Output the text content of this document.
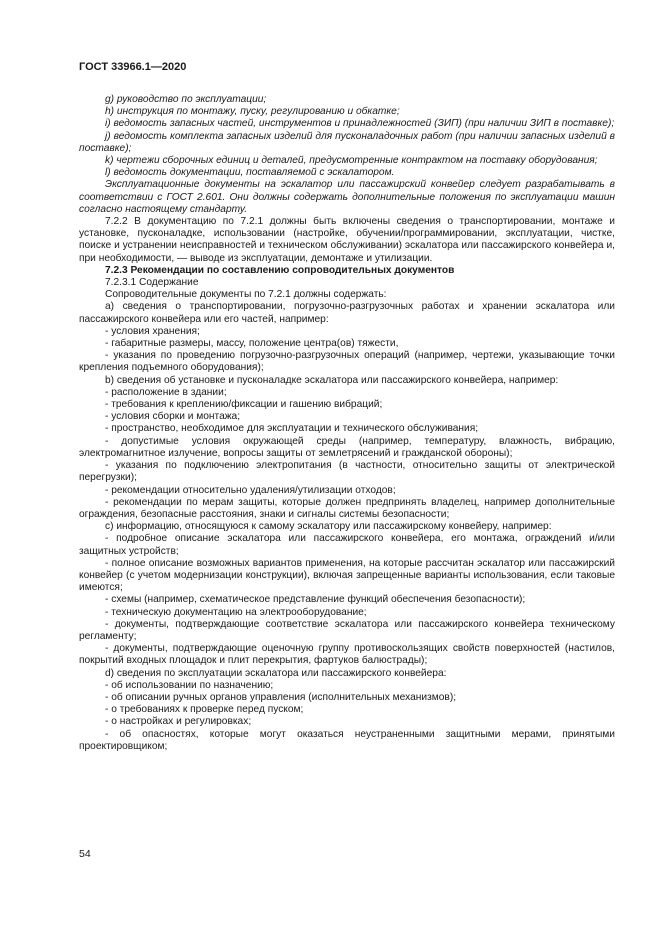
ГОСТ 33966.1—2020

g) руководство по эксплуатации;

h) инструкция по монтажу, пуску, регулированию и обкатке;

i) ведомость запасных частей, инструментов и принадлежностей (ЗИП) (при наличии ЗИП в поставке);

j) ведомость комплекта запасных изделий для пусконаладочных работ (при наличии запасных изделий в поставке);

k) чертежи сборочных единиц и деталей, предусмотренные контрактом на поставку оборудования;

l) ведомость документации, поставляемой с эскалатором.

Эксплуатационные документы на эскалатор или пассажирский конвейер следует разрабатывать в соответствии с ГОСТ 2.601. Они должны содержать дополнительные положения по эксплуатации машин согласно настоящему стандарту.

7.2.2 В документацию по 7.2.1 должны быть включены сведения о транспортировании, монтаже и установке, пусконаладке, использовании (настройке, обучении/программировании, эксплуатации, чистке, поиске и устранении неисправностей и техническом обслуживании) эскалатора или пассажирского конвейера и, при необходимости, — выводе из эксплуатации, демонтаже и утилизации.

7.2.3 Рекомендации по составлению сопроводительных документов

7.2.3.1 Содержание

Сопроводительные документы по 7.2.1 должны содержать:

a) сведения о транспортировании, погрузочно-разгрузочных работах и хранении эскалатора или пассажирского конвейера или его частей, например:

- условия хранения;

- габаритные размеры, массу, положение центра(ов) тяжести,

- указания по проведению погрузочно-разгрузочных операций (например, чертежи, указывающие точки крепления подъемного оборудования);

b) сведения об установке и пусконаладке эскалатора или пассажирского конвейера, например:

- расположение в здании;

- требования к креплению/фиксации и гашению вибраций;

- условия сборки и монтажа;

- пространство, необходимое для эксплуатации и технического обслуживания;

- допустимые условия окружающей среды (например, температуру, влажность, вибрацию, электромагнитное излучение, вопросы защиты от землетрясений и гражданской обороны);

- указания по подключению электропитания (в частности, относительно защиты от электрической перегрузки);

- рекомендации относительно удаления/утилизации отходов;

- рекомендации по мерам защиты, которые должен предпринять владелец, например дополнительные ограждения, безопасные расстояния, знаки и сигналы системы безопасности;

c) информацию, относящуюся к самому эскалатору или пассажирскому конвейеру, например:

- подробное описание эскалатора или пассажирского конвейера, его монтажа, ограждений и/или защитных устройств;

- полное описание возможных вариантов применения, на которые рассчитан эскалатор или пассажирский конвейер (с учетом модернизации конструкции), включая запрещенные варианты использования, если таковые имеются;

- схемы (например, схематическое представление функций обеспечения безопасности);

- техническую документацию на электрооборудование;

- документы, подтверждающие соответствие эскалатора или пассажирского конвейера техническому регламенту;

- документы, подтверждающие оценочную группу противоскользящих свойств поверхностей (настилов, покрытий входных площадок и плит перекрытия, фартуков балюстрады);

d) сведения по эксплуатации эскалатора или пассажирского конвейера:

- об использовании по назначению;

- об описании ручных органов управления (исполнительных механизмов);

- о требованиях к проверке перед пуском;

- о настройках и регулировках;

- об опасностях, которые могут оказаться неустраненными защитными мерами, принятыми проектировщиком;

54
